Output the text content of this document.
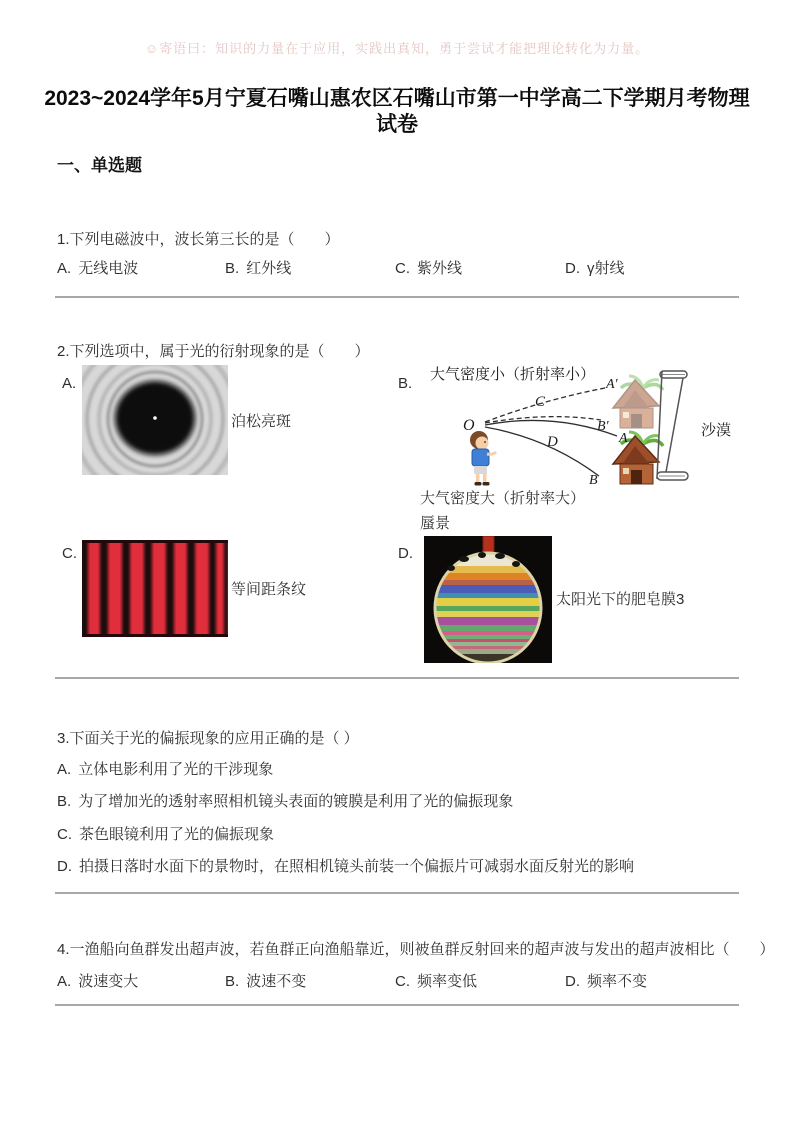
☺寄语曰：知识的力量在于应用，实践出真知，勇于尝试才能把理论转化为力量。
2023~2024学年5月宁夏石嘴山惠农区石嘴山市第一中学高二下学期月考物理试卷
一、单选题
1.下列电磁波中，波长第三长的是（　　）
A. 无线电波	B. 红外线	C. 紫外线	D. γ射线
2.下列选项中，属于光的衍射现象的是（　　）
A.
泊松亮斑
B.
大气密度小（折射率小）
沙漠
O
C
A′
B′
A
D
B
大气密度大（折射率大）
蜃景
C.
等间距条纹
D.
太阳光下的肥皂膜3
3.下面关于光的偏振现象的应用正确的是（ ）
A. 立体电影利用了光的干涉现象
B. 为了增加光的透射率照相机镜头表面的镀膜是利用了光的偏振现象
C. 茶色眼镜利用了光的偏振现象
D. 拍摄日落时水面下的景物时，在照相机镜头前装一个偏振片可减弱水面反射光的影响
4.一渔船向鱼群发出超声波，若鱼群正向渔船靠近，则被鱼群反射回来的超声波与发出的超声波相比（　　）
A. 波速变大	B. 波速不变	C. 频率变低	D. 频率不变
